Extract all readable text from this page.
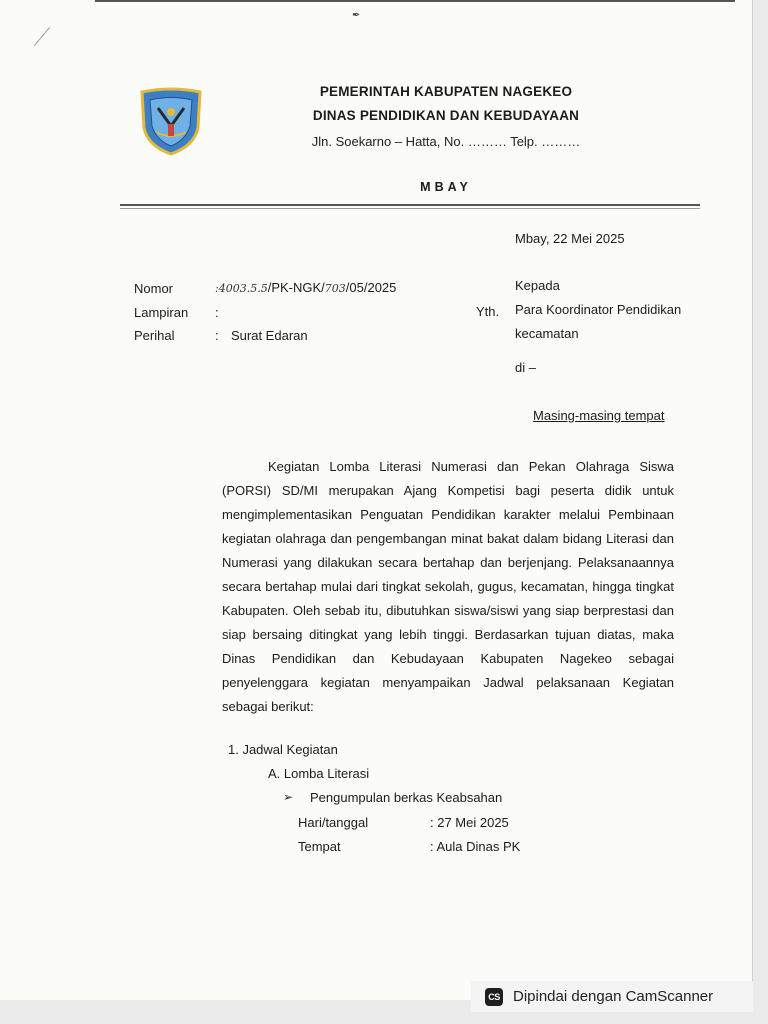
✒
PEMERINTAH KABUPATEN NAGEKEO
DINAS PENDIDIKAN DAN KEBUDAYAAN
Jln. Soekarno – Hatta, No. ……… Telp. ………
MBAY
Mbay, 22 Mei 2025
Nomor	:4003.5.5/PK-NGK/703/05/2025
Lampiran :
Perihal	: Surat Edaran
Kepada
Yth. Para Koordinator Pendidikan
kecamatan
di –
Masing-masing tempat
Kegiatan Lomba Literasi Numerasi dan Pekan Olahraga Siswa (PORSI) SD/MI merupakan Ajang Kompetisi bagi peserta didik untuk mengimplementasikan Penguatan Pendidikan karakter melalui Pembinaan kegiatan olahraga dan pengembangan minat bakat dalam bidang Literasi dan Numerasi yang dilakukan secara bertahap dan berjenjang. Pelaksanaannya secara bertahap mulai dari tingkat sekolah, gugus, kecamatan, hingga tingkat Kabupaten. Oleh sebab itu, dibutuhkan siswa/siswi yang siap berprestasi dan siap bersaing ditingkat yang lebih tinggi. Berdasarkan tujuan diatas, maka Dinas Pendidikan dan Kebudayaan Kabupaten Nagekeo sebagai penyelenggara kegiatan menyampaikan Jadwal pelaksanaan Kegiatan sebagai berikut:
1. Jadwal Kegiatan
A. Lomba Literasi
➢ Pengumpulan berkas Keabsahan
Hari/tanggal	: 27 Mei 2025
Tempat	: Aula Dinas PK
CS Dipindai dengan CamScanner
